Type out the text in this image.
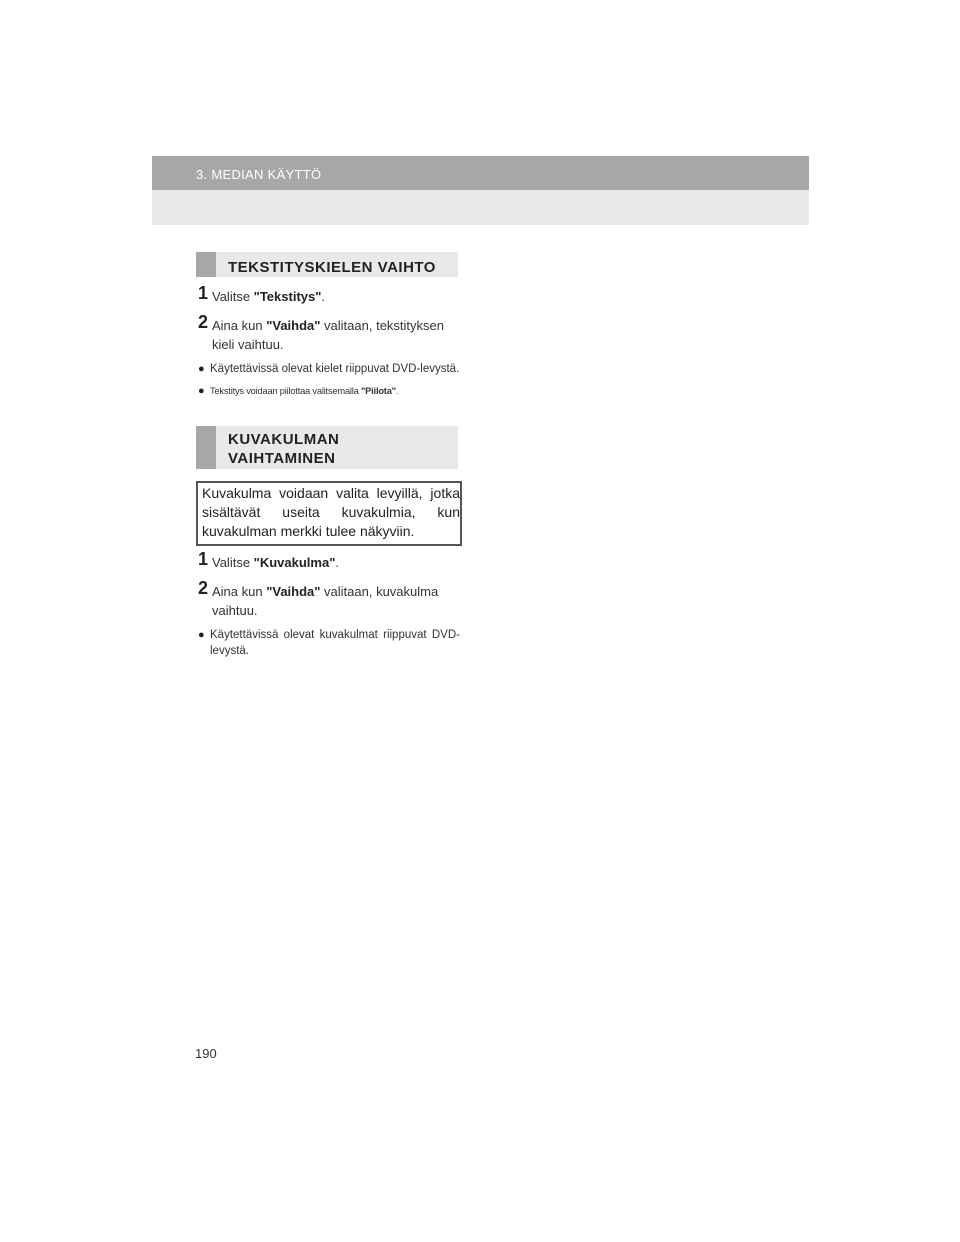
3. MEDIAN KÄYTTÖ
TEKSTITYSKIELEN VAIHTO
1 Valitse "Tekstitys".
2 Aina kun "Vaihda" valitaan, tekstityksen kieli vaihtuu.
● Käytettävissä olevat kielet riippuvat DVD-levystä.
● Tekstitys voidaan piilottaa valitsemalla "Piilota".
KUVAKULMAN
VAIHTAMINEN
Kuvakulma voidaan valita levyillä, jotka sisältävät useita kuvakulmia, kun kuvakulman merkki tulee näkyviin.
1 Valitse "Kuvakulma".
2 Aina kun "Vaihda" valitaan, kuvakulma vaihtuu.
● Käytettävissä olevat kuvakulmat riippuvat DVD-levystä.
190
